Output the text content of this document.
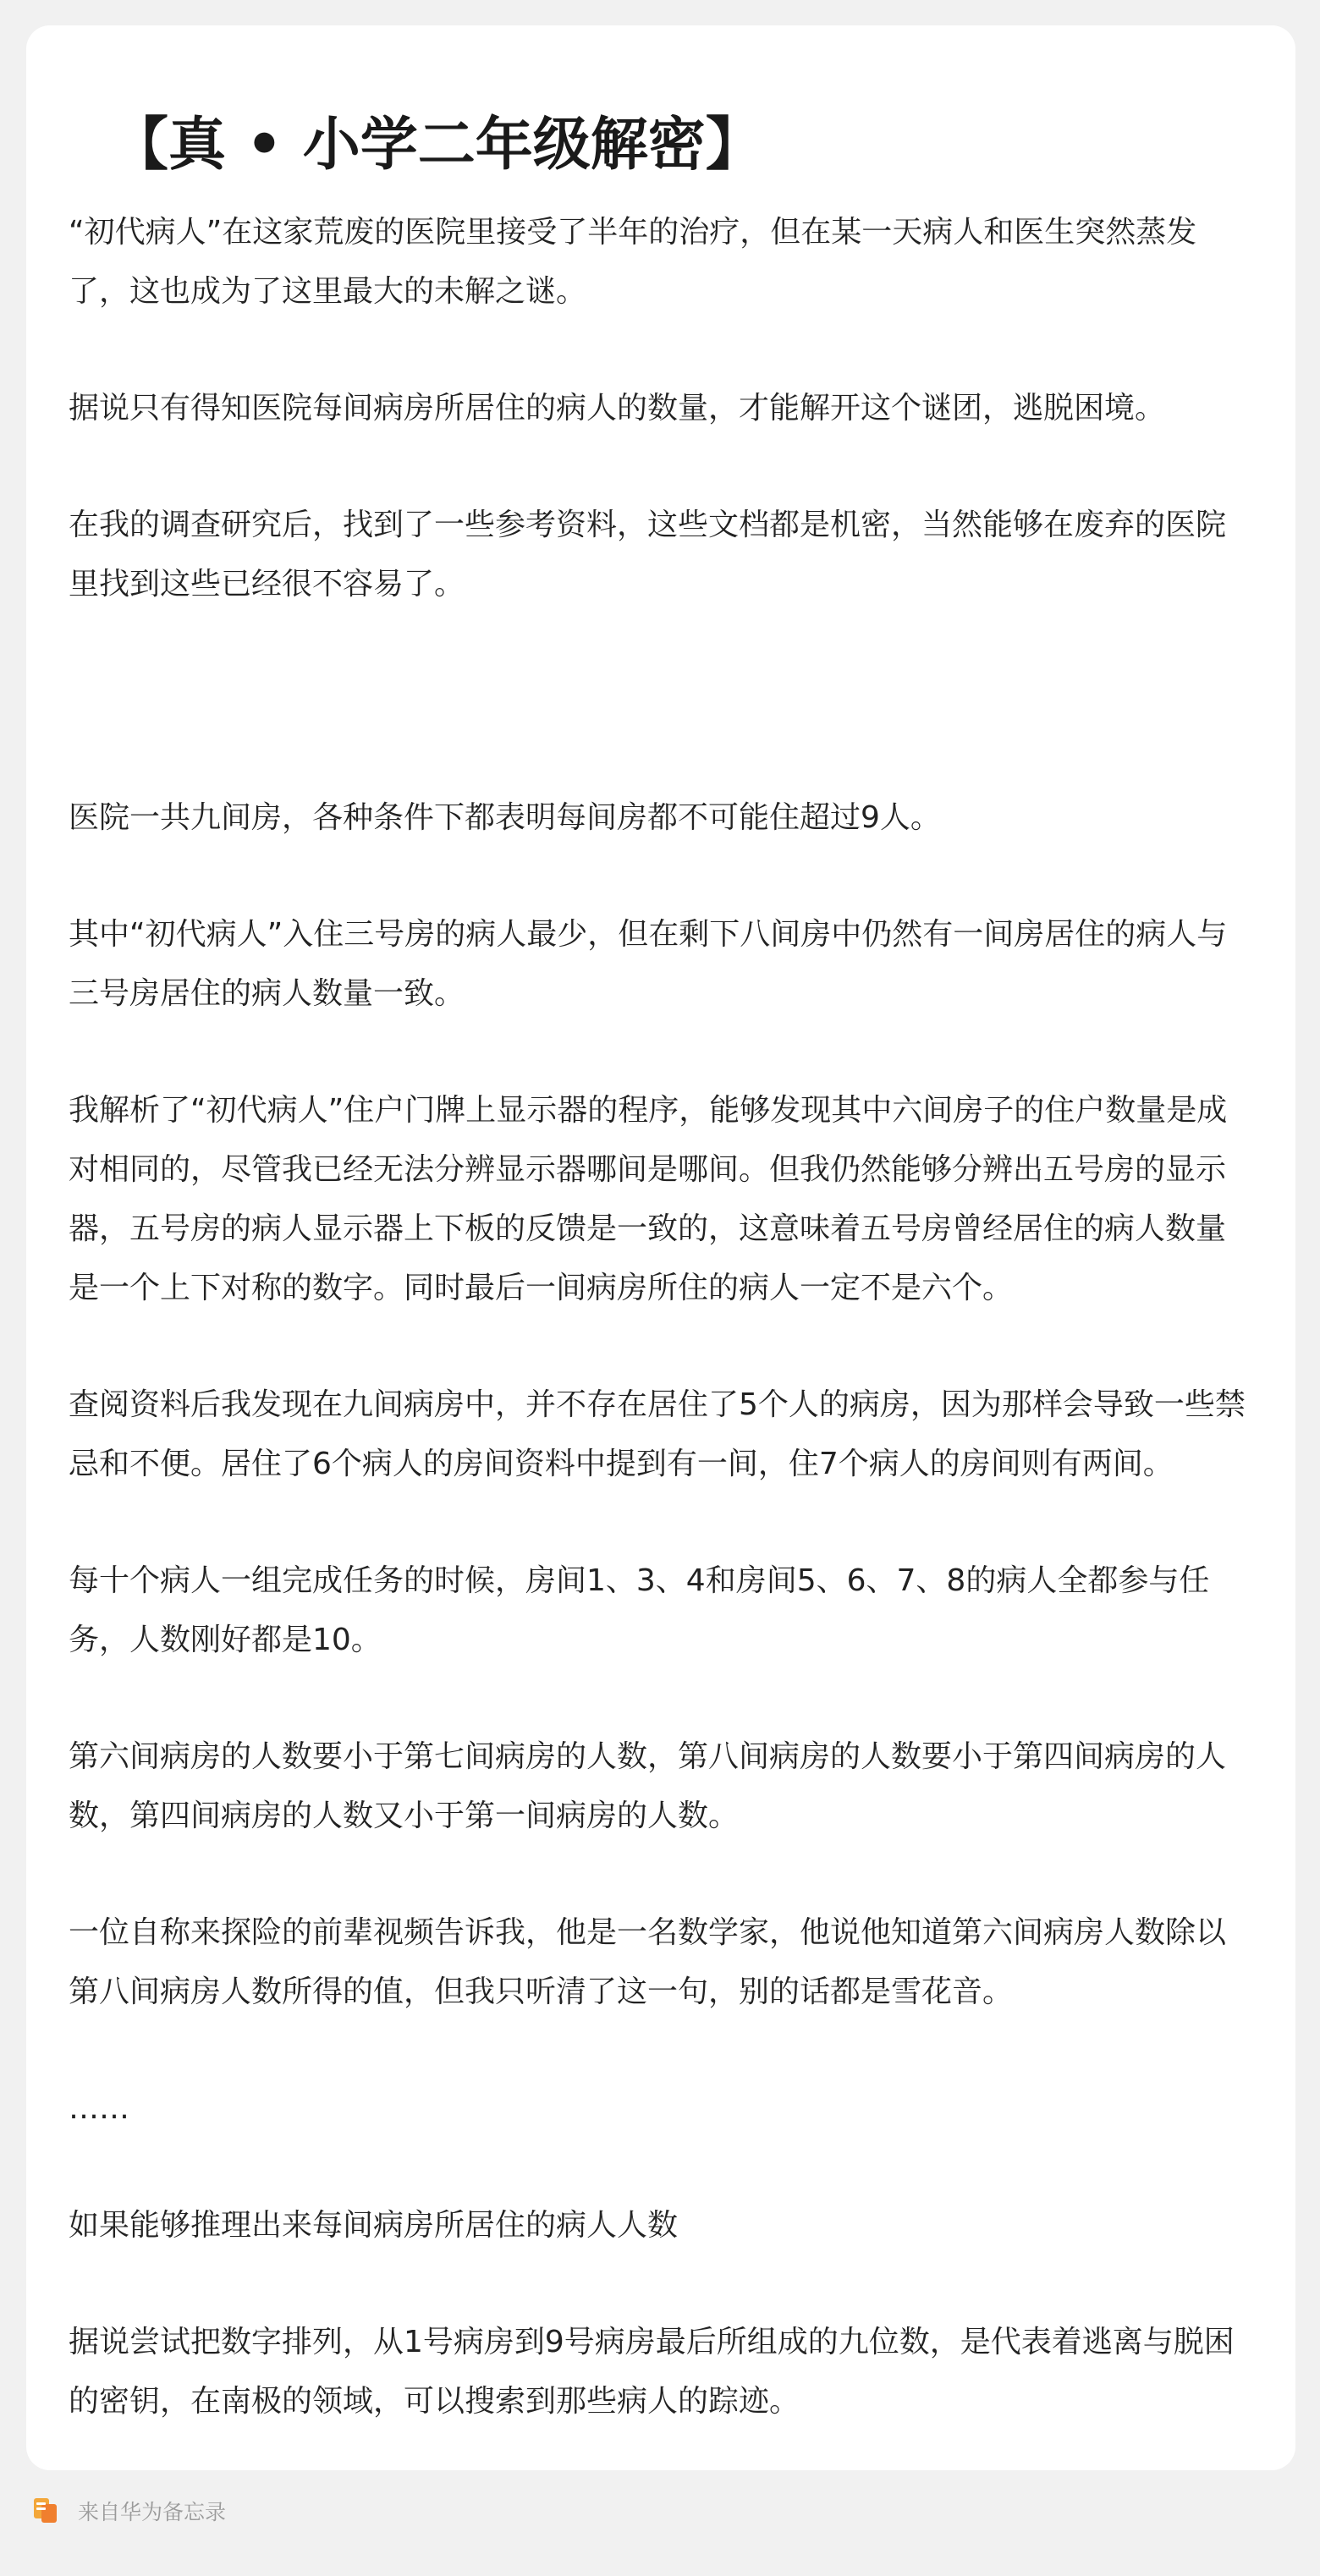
【真 • 小学二年级解密】

“初代病人”在这家荒废的医院里接受了半年的治疗，但在某一天病人和医生突然蒸发了，这也成为了这里最大的未解之谜。

据说只有得知医院每间病房所居住的病人的数量，才能解开这个谜团，逃脱困境。

在我的调查研究后，找到了一些参考资料，这些文档都是机密，当然能够在废弃的医院里找到这些已经很不容易了。

医院一共九间房，各种条件下都表明每间房都不可能住超过9人。

其中“初代病人”入住三号房的病人最少，但在剩下八间房中仍然有一间房居住的病人与三号房居住的病人数量一致。

我解析了“初代病人”住户门牌上显示器的程序，能够发现其中六间房子的住户数量是成对相同的，尽管我已经无法分辨显示器哪间是哪间。但我仍然能够分辨出五号房的显示器，五号房的病人显示器上下板的反馈是一致的，这意味着五号房曾经居住的病人数量是一个上下对称的数字。同时最后一间病房所住的病人一定不是六个。

查阅资料后我发现在九间病房中，并不存在居住了5个人的病房，因为那样会导致一些禁忌和不便。居住了6个病人的房间资料中提到有一间，住7个病人的房间则有两间。

每十个病人一组完成任务的时候，房间1、3、4和房间5、6、7、8的病人全都参与任务，人数刚好都是10。

第六间病房的人数要小于第七间病房的人数，第八间病房的人数要小于第四间病房的人数，第四间病房的人数又小于第一间病房的人数。

一位自称来探险的前辈视频告诉我，他是一名数学家，他说他知道第六间病房人数除以第八间病房人数所得的值，但我只听清了这一句，别的话都是雪花音。

……

如果能够推理出来每间病房所居住的病人人数

据说尝试把数字排列，从1号病房到9号病房最后所组成的九位数，是代表着逃离与脱困的密钥，在南极的领域，可以搜索到那些病人的踪迹。

来自华为备忘录
